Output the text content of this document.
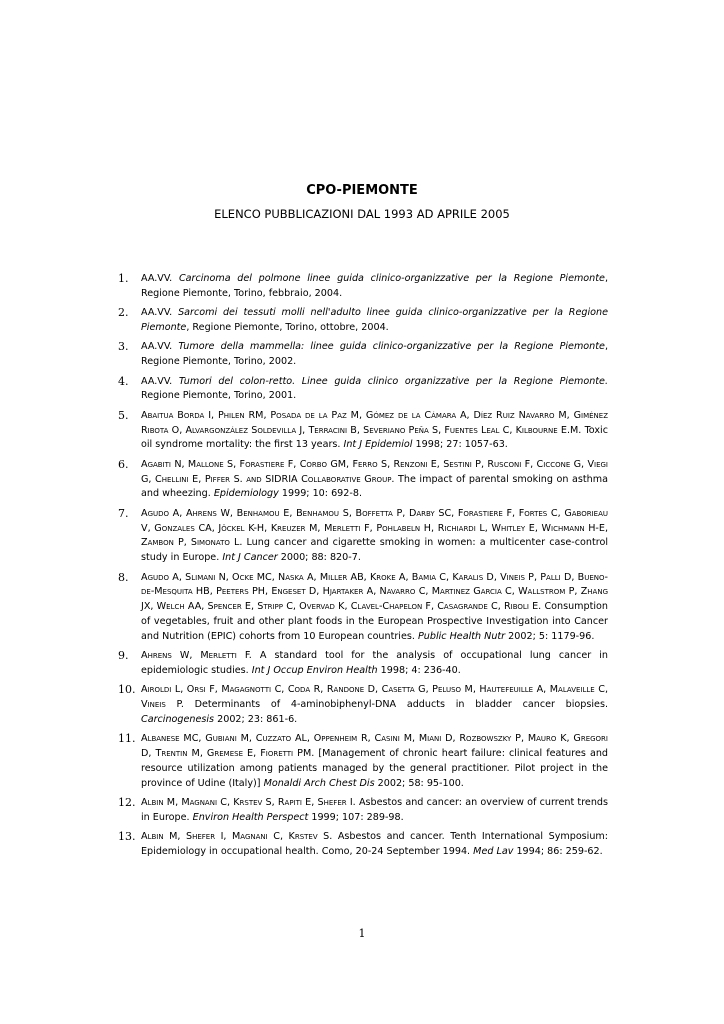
CPO-PIEMONTE
ELENCO PUBBLICAZIONI DAL 1993 AD APRILE 2005
1. AA.VV. Carcinoma del polmone linee guida clinico-organizzative per la Regione Piemonte, Regione Piemonte, Torino, febbraio, 2004.
2. AA.VV. Sarcomi dei tessuti molli nell'adulto linee guida clinico-organizzative per la Regione Piemonte, Regione Piemonte, Torino, ottobre, 2004.
3. AA.VV. Tumore della mammella: linee guida clinico-organizzative per la Regione Piemonte, Regione Piemonte, Torino, 2002.
4. AA.VV. Tumori del colon-retto. Linee guida clinico organizzative per la Regione Piemonte. Regione Piemonte, Torino, 2001.
5. Abaitua Borda I, Philen RM, Posada de la Paz M, Gómez de la Cámara A, Díez Ruiz Navarro M, Giménez Ribota O, Alvargonzález Soldevilla J, Terracini B, Severiano Peña S, Fuentes Leal C, Kilbourne E.M. Toxic oil syndrome mortality: the first 13 years. Int J Epidemiol 1998; 27: 1057-63.
6. Agabiti N, Mallone S, Forastiere F, Corbo GM, Ferro S, Renzoni E, Sestini P, Rusconi F, Ciccone G, Viegi G, Chellini E, Piffer S. and SIDRIA Collaborative Group. The impact of parental smoking on asthma and wheezing. Epidemiology 1999; 10: 692-8.
7. Agudo A, Ahrens W, Benhamou E, Benhamou S, Boffetta P, Darby SC, Forastiere F, Fortes C, Gaborieau V, Gonzales CA, Jöckel K-H, Kreuzer M, Merletti F, Pohlabeln H, Richiardi L, Whitley E, Wichmann H-E, Zambon P, Simonato L. Lung cancer and cigarette smoking in women: a multicenter case-control study in Europe. Int J Cancer 2000; 88: 820-7.
8. Agudo A, Slimani N, Ocke MC, Naska A, Miller AB, Kroke A, Bamia C, Karalis D, Vineis P, Palli D, Bueno-de-Mesquita HB, Peeters PH, Engeset D, Hjartaker A, Navarro C, Martinez Garcia C, Wallstrom P, Zhang JX, Welch AA, Spencer E, Stripp C, Overvad K, Clavel-Chapelon F, Casagrande C, Riboli E. Consumption of vegetables, fruit and other plant foods in the European Prospective Investigation into Cancer and Nutrition (EPIC) cohorts from 10 European countries. Public Health Nutr 2002; 5: 1179-96.
9. Ahrens W, Merletti F. A standard tool for the analysis of occupational lung cancer in epidemiologic studies. Int J Occup Environ Health 1998; 4: 236-40.
10. Airoldi L, Orsi F, Magagnotti C, Coda R, Randone D, Casetta G, Peluso M, Hautefeuille A, Malaveille C, Vineis P. Determinants of 4-aminobiphenyl-DNA adducts in bladder cancer biopsies. Carcinogenesis 2002; 23: 861-6.
11. Albanese MC, Gubiani M, Cuzzato AL, Oppenheim R, Casini M, Miani D, Rozbowszky P, Mauro K, Gregori D, Trentin M, Gremese E, Fioretti PM. [Management of chronic heart failure: clinical features and resource utilization among patients managed by the general practitioner. Pilot project in the province of Udine (Italy)] Monaldi Arch Chest Dis 2002; 58: 95-100.
12. Albin M, Magnani C, Krstev S, Rapiti E, Shefer I. Asbestos and cancer: an overview of current trends in Europe. Environ Health Perspect 1999; 107: 289-98.
13. Albin M, Shefer I, Magnani C, Krstev S. Asbestos and cancer. Tenth International Symposium: Epidemiology in occupational health. Como, 20-24 September 1994. Med Lav 1994; 86: 259-62.
1
